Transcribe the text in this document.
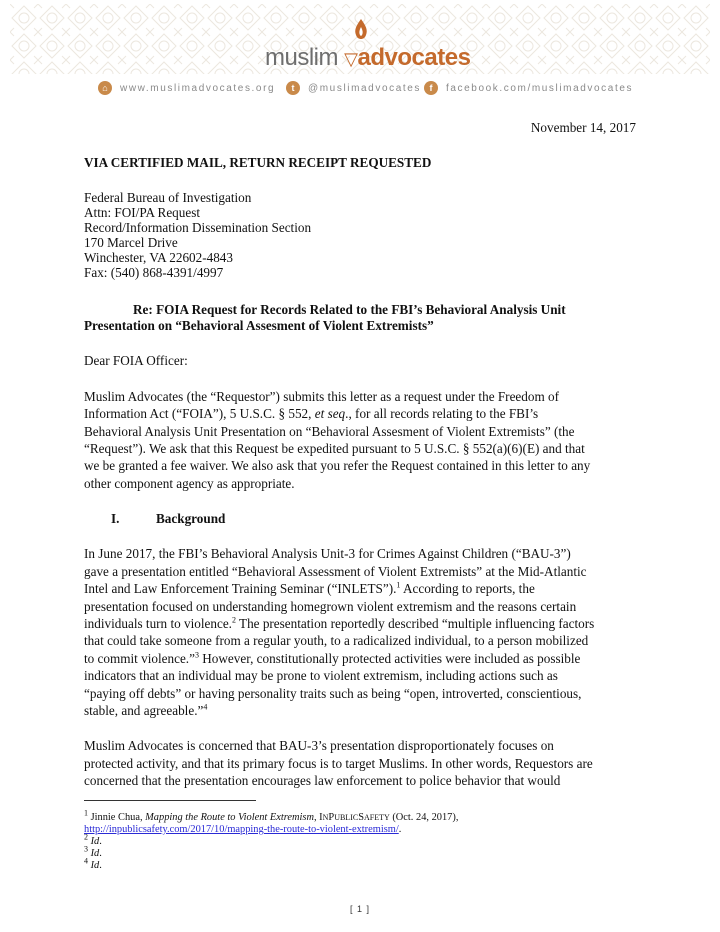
muslim ▽advocates
⌂	www.muslimadvocates.org	t	@muslimadvocates f	facebook.com/muslimadvocates
November 14, 2017
VIA CERTIFIED MAIL, RETURN RECEIPT REQUESTED
Federal Bureau of Investigation
Attn: FOI/PA Request
Record/Information Dissemination Section
170 Marcel Drive
Winchester, VA 22602-4843
Fax: (540) 868-4391/4997
Re: FOIA Request for Records Related to the FBI’s Behavioral Analysis Unit
Presentation on “Behavioral Assesment of Violent Extremists”
Dear FOIA Officer:
Muslim Advocates (the “Requestor”) submits this letter as a request under the Freedom of
Information Act (“FOIA”), 5 U.S.C. § 552, et seq., for all records relating to the FBI’s
Behavioral Analysis Unit Presentation on “Behavioral Assesment of Violent Extremists” (the
“Request”). We ask that this Request be expedited pursuant to 5 U.S.C. § 552(a)(6)(E) and that
we be granted a fee waiver. We also ask that you refer the Request contained in this letter to any
other component agency as appropriate.
I.	Background
In June 2017, the FBI’s Behavioral Analysis Unit-3 for Crimes Against Children (“BAU-3”)
gave a presentation entitled “Behavioral Assessment of Violent Extremists” at the Mid-Atlantic
Intel and Law Enforcement Training Seminar (“INLETS”).$^1$ According to reports, the
presentation focused on understanding homegrown violent extremism and the reasons certain
individuals turn to violence.$^2$ The presentation reportedly described “multiple influencing factors
that could take someone from a regular youth, to a radicalized individual, to a person mobilized
to commit violence.”$^3$ However, constitutionally protected activities were included as possible
indicators that an individual may be prone to violent extremism, including actions such as
“paying off debts” or having personality traits such as being “open, introverted, conscientious,
stable, and agreeable.”$^4$
Muslim Advocates is concerned that BAU-3’s presentation disproportionately focuses on
protected activity, and that its primary focus is to target Muslims. In other words, Requestors are
concerned that the presentation encourages law enforcement to police behavior that would
$^1$ Jinnie Chua, Mapping the Route to Violent Extremism, INPUBLICSAFETY (Oct. 24, 2017),
http://inpublicsafety.com/2017/10/mapping-the-route-to-violent-extremism/.
$^2$ Id.
$^3$ Id.
$^4$ Id.
[ 1 ]
